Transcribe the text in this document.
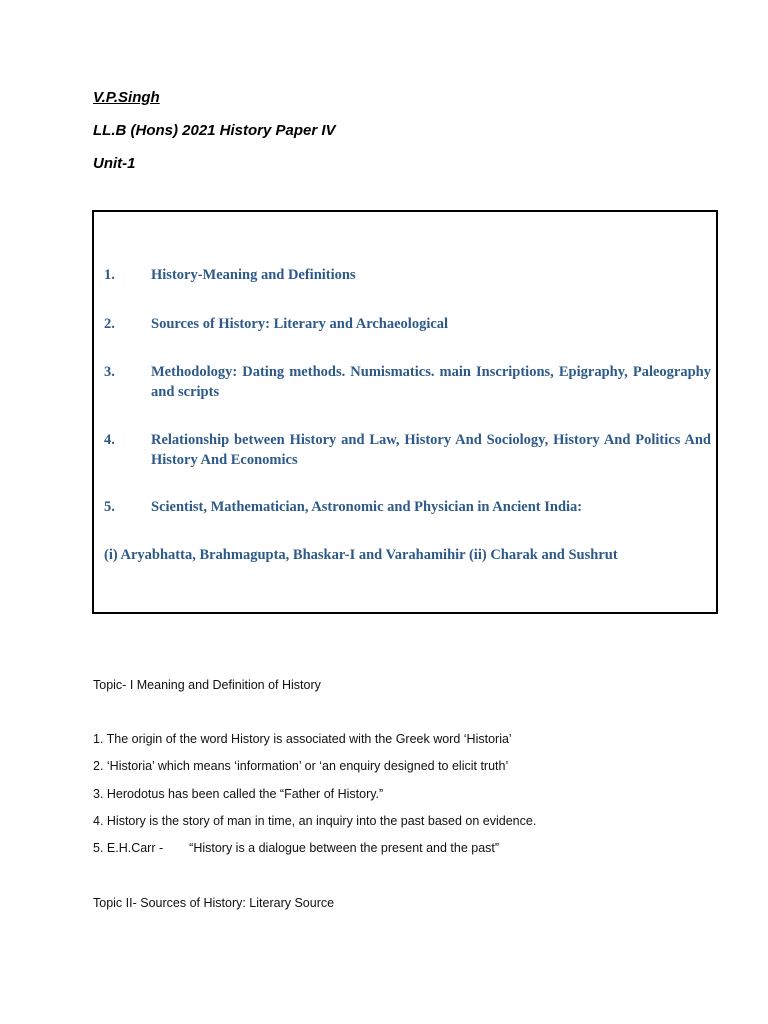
V.P.Singh
LL.B (Hons) 2021 History Paper IV
Unit-1
1. History-Meaning and Definitions
2. Sources of History: Literary and Archaeological
3. Methodology: Dating methods. Numismatics. main Inscriptions, Epigraphy, Paleography and scripts
4. Relationship between History and Law, History And Sociology, History And Politics And History And Economics
5. Scientist, Mathematician, Astronomic and Physician in Ancient India:
(i) Aryabhatta, Brahmagupta, Bhaskar-I and Varahamihir (ii) Charak and Sushrut
Topic- I Meaning and Definition of History
1. The origin of the word History is associated with the Greek word ‘Historia’
2. ‘Historia’ which means ‘information’ or ‘an enquiry designed to elicit truth’
3. Herodotus has been called the “Father of History.”
4. History is the story of man in time, an inquiry into the past based on evidence.
5. E.H.Carr - “History is a dialogue between the present and the past”
Topic II- Sources of History: Literary Source
